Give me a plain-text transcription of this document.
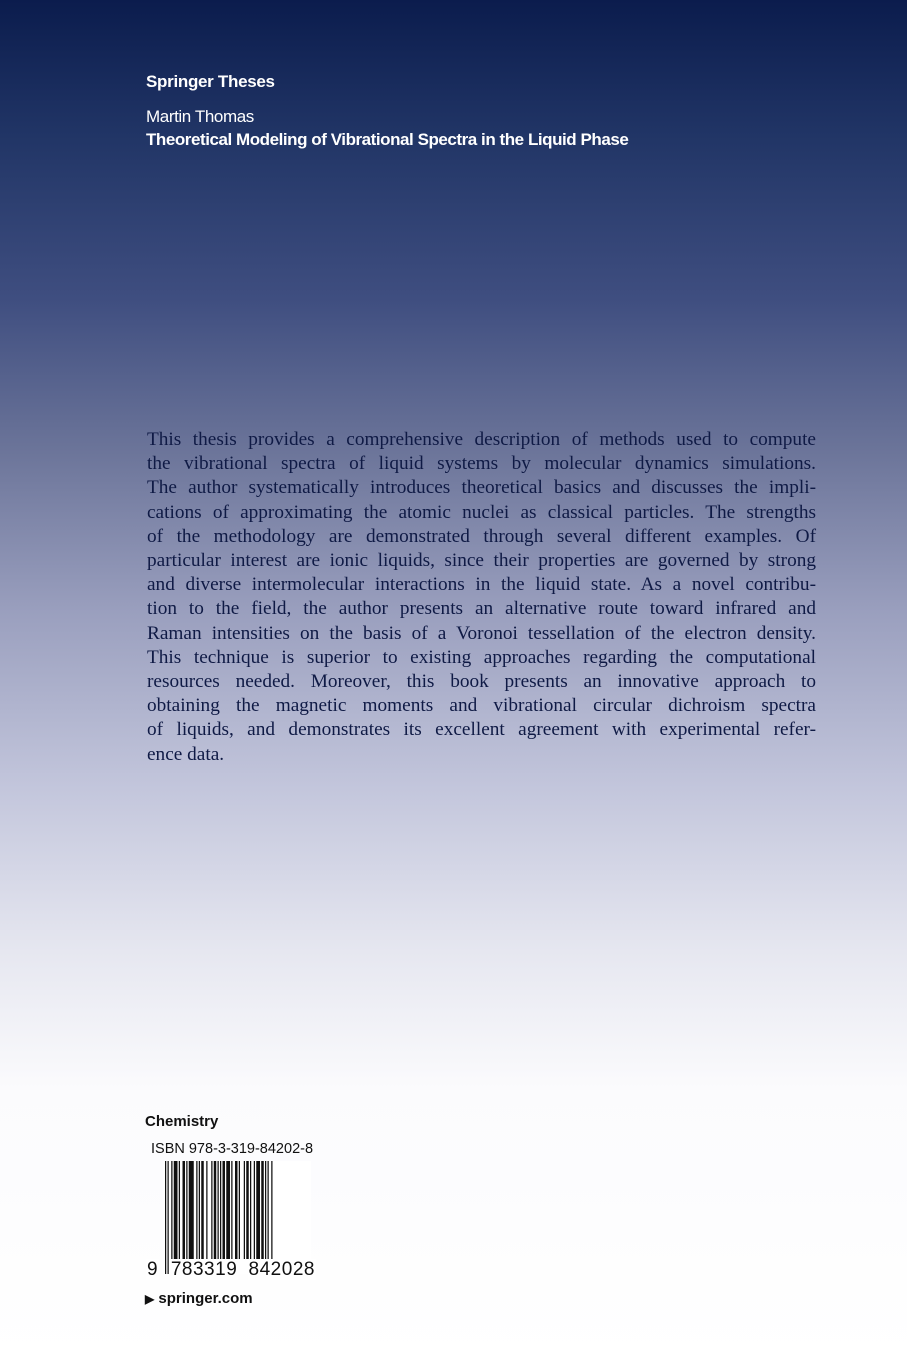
Springer Theses
Martin Thomas
Theoretical Modeling of Vibrational Spectra in the Liquid Phase
This thesis provides a comprehensive description of methods used to compute
the vibrational spectra of liquid systems by molecular dynamics simulations.
The author systematically introduces theoretical basics and discusses the impli-
cations of approximating the atomic nuclei as classical particles. The strengths
of the methodology are demonstrated through several different examples. Of
particular interest are ionic liquids, since their properties are governed by strong
and diverse intermolecular interactions in the liquid state. As a novel contribu-
tion to the field, the author presents an alternative route toward infrared and
Raman intensities on the basis of a Voronoi tessellation of the electron density.
This technique is superior to existing approaches regarding the computational
resources needed. Moreover, this book presents an innovative approach to
obtaining the magnetic moments and vibrational circular dichroism spectra
of liquids, and demonstrates its excellent agreement with experimental refer-
ence data.
Chemistry
ISBN 978-3-319-84202-8
9 783319 842028
▶ springer.com
